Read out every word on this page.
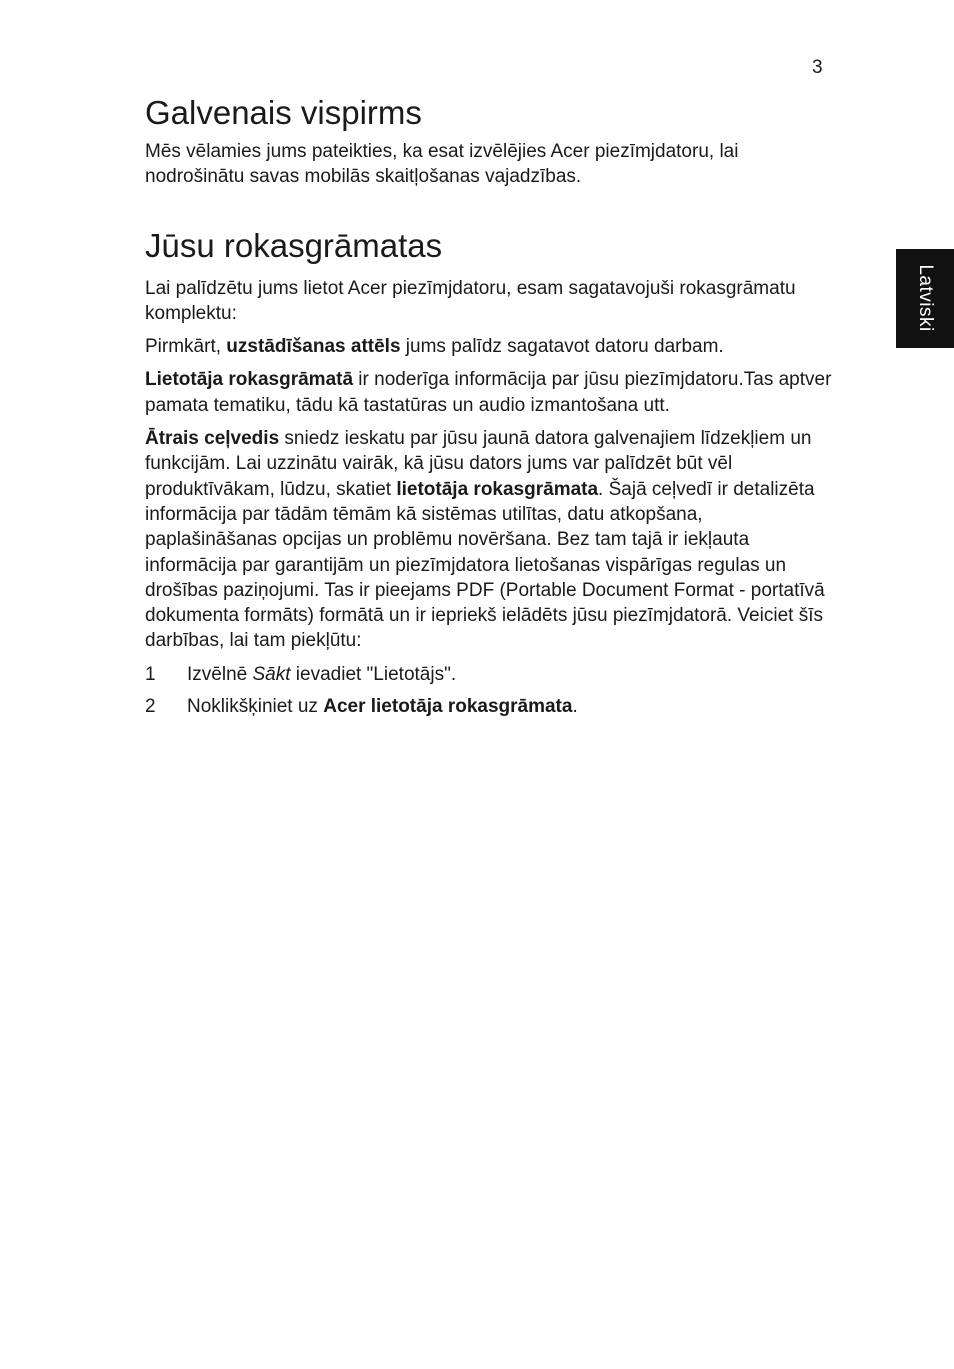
3
Latviski
Galvenais vispirms

Mēs vēlamies jums pateikties, ka esat izvēlējies Acer piezīmjdatoru, lai nodrošinātu savas mobilās skaitļošanas vajadzības.

Jūsu rokasgrāmatas

Lai palīdzētu jums lietot Acer piezīmjdatoru, esam sagatavojuši rokasgrāmatu komplektu:

Pirmkārt, uzstādīšanas attēls jums palīdz sagatavot datoru darbam.

Lietotāja rokasgrāmatā ir noderīga informācija par jūsu piezīmjdatoru.Tas aptver pamata tematiku, tādu kā tastatūras un audio izmantošana utt.

Ātrais ceļvedis sniedz ieskatu par jūsu jaunā datora galvenajiem līdzekļiem un funkcijām. Lai uzzinātu vairāk, kā jūsu dators jums var palīdzēt būt vēl produktīvākam, lūdzu, skatiet lietotāja rokasgrāmata. Šajā ceļvedī ir detalizēta informācija par tādām tēmām kā sistēmas utilītas, datu atkopšana, paplašināšanas opcijas un problēmu novēršana. Bez tam tajā ir iekļauta informācija par garantijām un piezīmjdatora lietošanas vispārīgas regulas un drošības paziņojumi. Tas ir pieejams PDF (Portable Document Format - portatīvā dokumenta formāts) formātā un ir iepriekš ielādēts jūsu piezīmjdatorā. Veiciet šīs darbības, lai tam piekļūtu:

1	Izvēlnē Sākt ievadiet "Lietotājs".
2	Noklikšķiniet uz Acer lietotāja rokasgrāmata.
